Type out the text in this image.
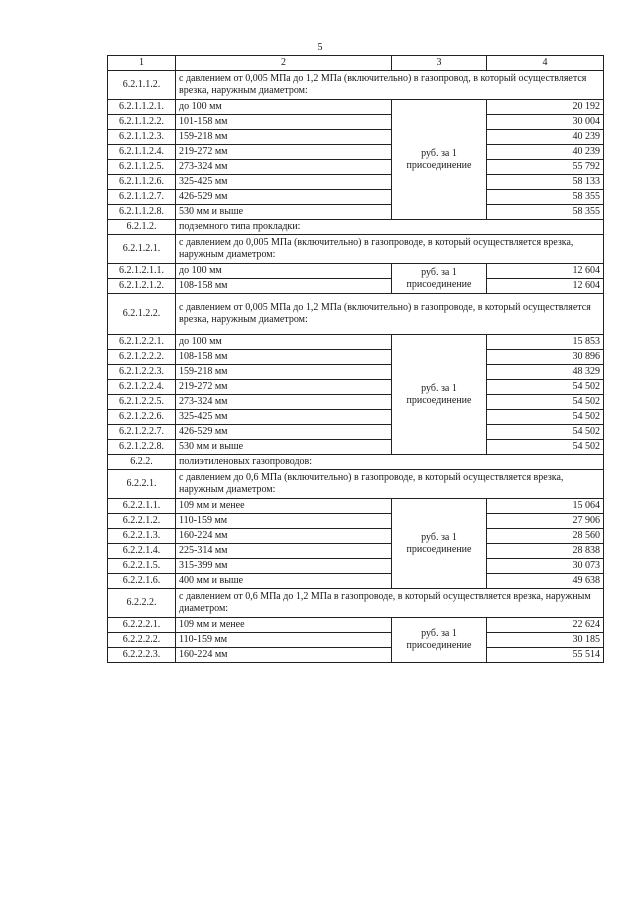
5
1	2	3	4
6.2.1.1.2.	с давлением от 0,005 МПа до 1,2 МПа (включительно) в газопровод, в который осуществляется врезка, наружным диаметром:		
6.2.1.1.2.1.	до 100 мм	руб. за 1 присоединение	20 192
6.2.1.1.2.2.	101-158 мм		30 004
6.2.1.1.2.3.	159-218 мм		40 239
6.2.1.1.2.4.	219-272 мм		40 239
6.2.1.1.2.5.	273-324 мм		55 792
6.2.1.1.2.6.	325-425 мм		58 133
6.2.1.1.2.7.	426-529 мм		58 355
6.2.1.1.2.8.	530 мм и выше		58 355
6.2.1.2.	подземного типа прокладки:		
6.2.1.2.1.	с давлением до 0,005 МПа (включительно) в газопроводе, в который осуществляется врезка, наружным диаметром:		
6.2.1.2.1.1.	до 100 мм	руб. за 1 присоединение	12 604
6.2.1.2.1.2.	108-158 мм		12 604
6.2.1.2.2.	с давлением от 0,005 МПа до 1,2 МПа (включительно) в газопроводе, в который осуществляется врезка, наружным диаметром:		
6.2.1.2.2.1.	до 100 мм	руб. за 1 присоединение	15 853
6.2.1.2.2.2.	108-158 мм		30 896
6.2.1.2.2.3.	159-218 мм		48 329
6.2.1.2.2.4.	219-272 мм		54 502
6.2.1.2.2.5.	273-324 мм		54 502
6.2.1.2.2.6.	325-425 мм		54 502
6.2.1.2.2.7.	426-529 мм		54 502
6.2.1.2.2.8.	530 мм и выше		54 502
6.2.2.	полиэтиленовых газопроводов:		
6.2.2.1.	с давлением до 0,6 МПа (включительно) в газопроводе, в который осуществляется врезка, наружным диаметром:		
6.2.2.1.1.	109 мм и менее	руб. за 1 присоединение	15 064
6.2.2.1.2.	110-159 мм		27 906
6.2.2.1.3.	160-224 мм		28 560
6.2.2.1.4.	225-314 мм		28 838
6.2.2.1.5.	315-399 мм		30 073
6.2.2.1.6.	400 мм и выше		49 638
6.2.2.2.	с давлением от 0,6 МПа до 1,2 МПа в газопроводе, в который осуществляется врезка, наружным диаметром:		
6.2.2.2.1.	109 мм и менее	руб. за 1 присоединение	22 624
6.2.2.2.2.	110-159 мм		30 185
6.2.2.2.3.	160-224 мм		55 514
